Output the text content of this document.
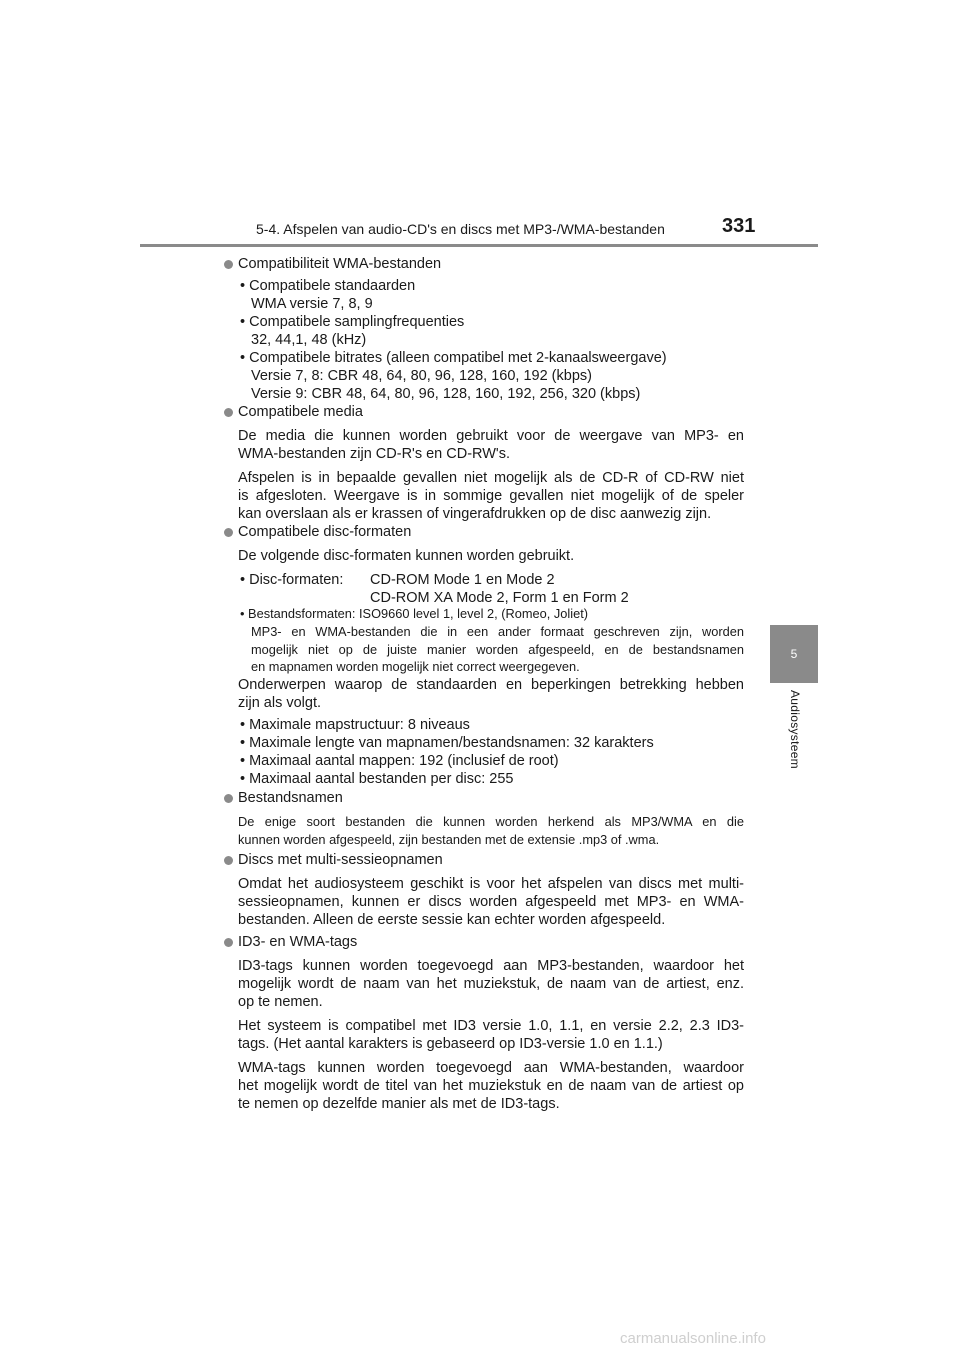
5-4. Afspelen van audio-CD's en discs met MP3-/WMA-bestanden	331
5
Audiosysteem
Compatibiliteit WMA-bestanden
• Compatibele standaarden
WMA versie 7, 8, 9
• Compatibele samplingfrequenties
32, 44,1, 48 (kHz)
• Compatibele bitrates (alleen compatibel met 2-kanaalsweergave)
Versie 7, 8: CBR 48, 64, 80, 96, 128, 160, 192 (kbps)
Versie 9: CBR 48, 64, 80, 96, 128, 160, 192, 256, 320 (kbps)
Compatibele media
De media die kunnen worden gebruikt voor de weergave van MP3- en
WMA-bestanden zijn CD-R's en CD-RW's.
Afspelen is in bepaalde gevallen niet mogelijk als de CD-R of CD-RW niet
is afgesloten. Weergave is in sommige gevallen niet mogelijk of de speler
kan overslaan als er krassen of vingerafdrukken op de disc aanwezig zijn.
Compatibele disc-formaten
De volgende disc-formaten kunnen worden gebruikt.
• Disc-formaten: CD-ROM Mode 1 en Mode 2
CD-ROM XA Mode 2, Form 1 en Form 2
• Bestandsformaten: ISO9660 level 1, level 2, (Romeo, Joliet)
MP3- en WMA-bestanden die in een ander formaat geschreven zijn, worden
mogelijk niet op de juiste manier worden afgespeeld, en de bestandsnamen
en mapnamen worden mogelijk niet correct weergegeven.
Onderwerpen waarop de standaarden en beperkingen betrekking hebben
zijn als volgt.
• Maximale mapstructuur: 8 niveaus
• Maximale lengte van mapnamen/bestandsnamen: 32 karakters
• Maximaal aantal mappen: 192 (inclusief de root)
• Maximaal aantal bestanden per disc: 255
Bestandsnamen
De enige soort bestanden die kunnen worden herkend als MP3/WMA en die
kunnen worden afgespeeld, zijn bestanden met de extensie .mp3 of .wma.
Discs met multi-sessieopnamen
Omdat het audiosysteem geschikt is voor het afspelen van discs met multi-
sessieopnamen, kunnen er discs worden afgespeeld met MP3- en WMA-
bestanden. Alleen de eerste sessie kan echter worden afgespeeld.
ID3- en WMA-tags
ID3-tags kunnen worden toegevoegd aan MP3-bestanden, waardoor het
mogelijk wordt de naam van het muziekstuk, de naam van de artiest, enz.
op te nemen.
Het systeem is compatibel met ID3 versie 1.0, 1.1, en versie 2.2, 2.3 ID3-
tags. (Het aantal karakters is gebaseerd op ID3-versie 1.0 en 1.1.)
WMA-tags kunnen worden toegevoegd aan WMA-bestanden, waardoor
het mogelijk wordt de titel van het muziekstuk en de naam van de artiest op
te nemen op dezelfde manier als met de ID3-tags.
carmanualsonline.info
